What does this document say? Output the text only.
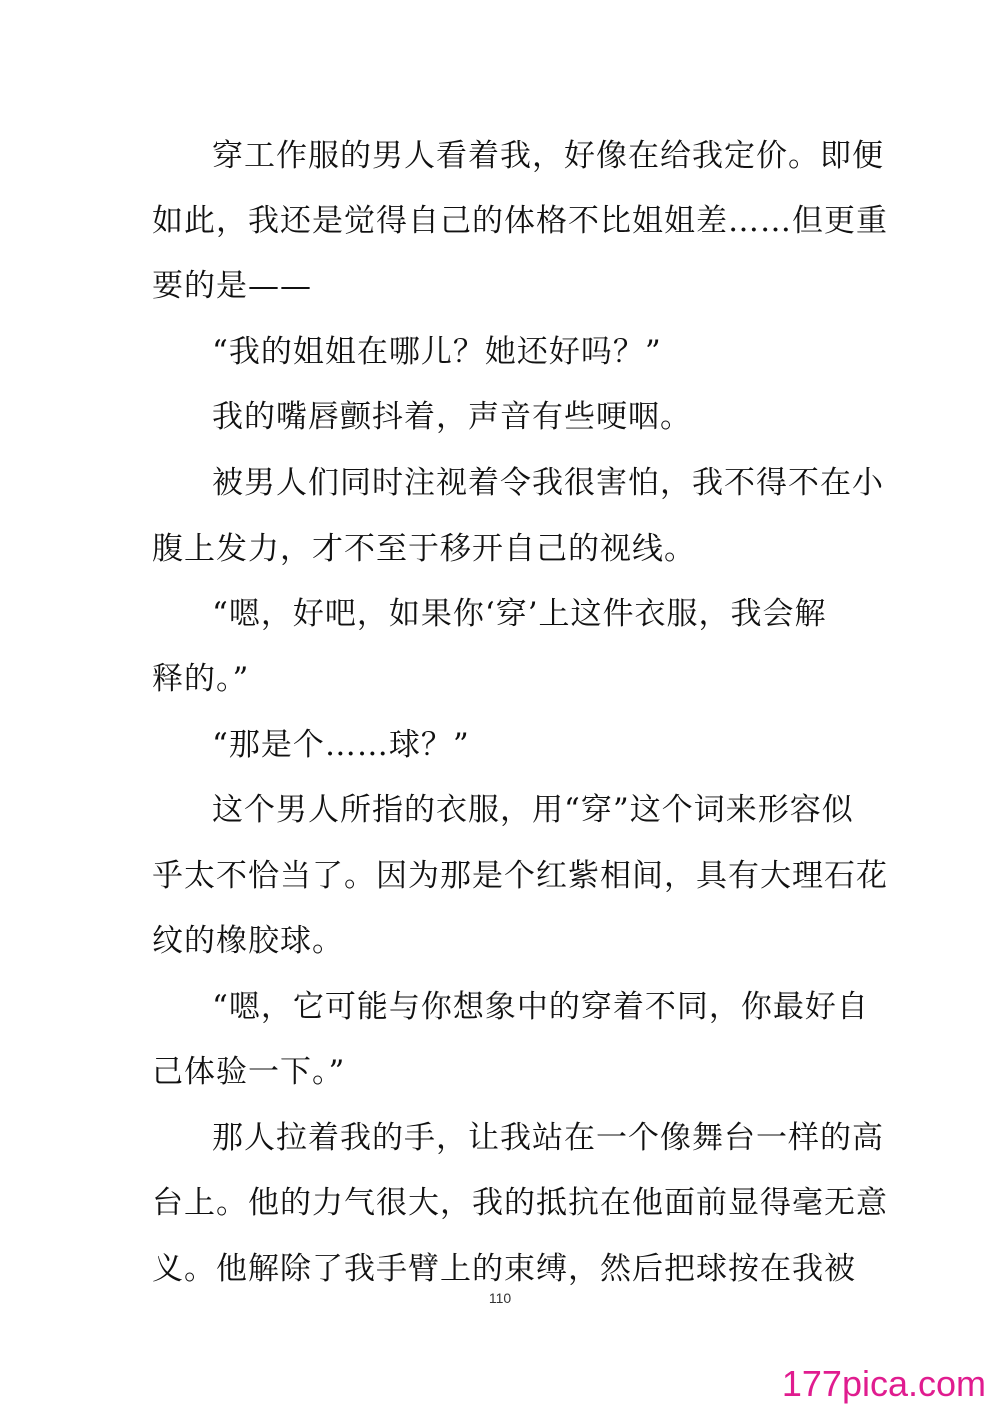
穿工作服的男人看着我，好像在给我定价。即便
如此，我还是觉得自己的体格不比姐姐差……但更重
要的是——
“我的姐姐在哪儿？她还好吗？”
我的嘴唇颤抖着，声音有些哽咽。
被男人们同时注视着令我很害怕，我不得不在小
腹上发力，才不至于移开自己的视线。
“嗯，好吧，如果你‘穿’上这件衣服，我会解
释的。”
“那是个……球？”
这个男人所指的衣服，用“穿”这个词来形容似
乎太不恰当了。因为那是个红紫相间，具有大理石花
纹的橡胶球。
“嗯，它可能与你想象中的穿着不同，你最好自
己体验一下。”
那人拉着我的手，让我站在一个像舞台一样的高
台上。他的力气很大，我的抵抗在他面前显得毫无意
义。他解除了我手臂上的束缚，然后把球按在我被
110
177pica.com
